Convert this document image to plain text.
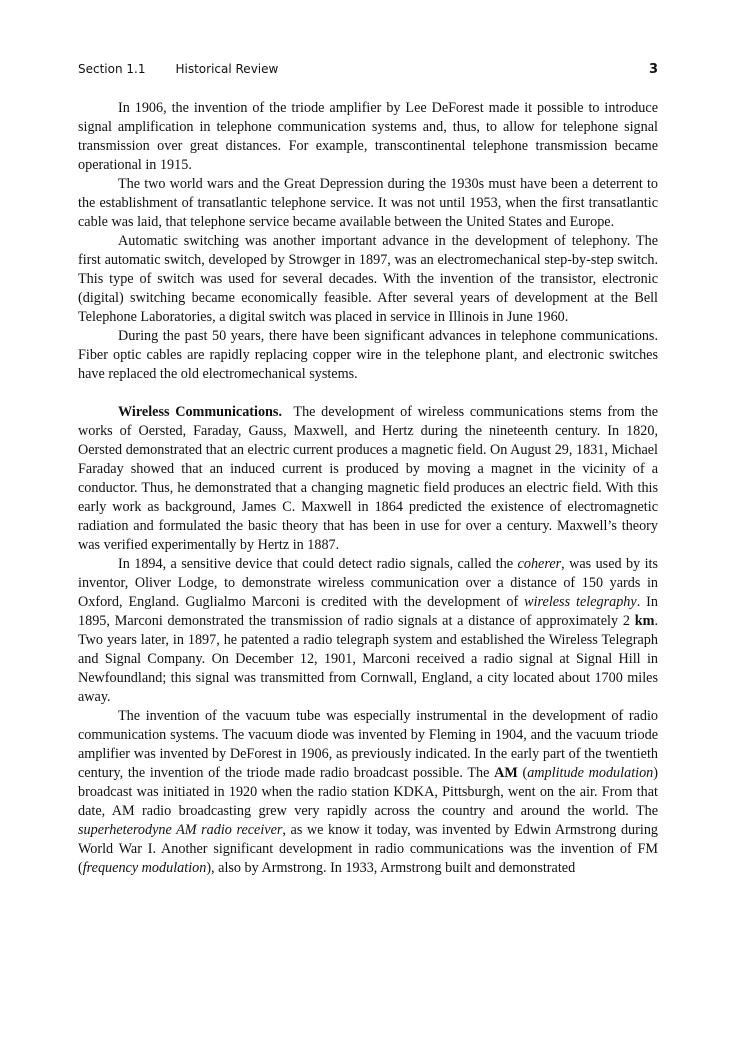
Section 1.1	Historical Review	3

In 1906, the invention of the triode amplifier by Lee DeForest made it possible to introduce signal amplification in telephone communication systems and, thus, to allow for telephone signal transmission over great distances. For example, transcontinental telephone transmission became operational in 1915.

The two world wars and the Great Depression during the 1930s must have been a deterrent to the establishment of transatlantic telephone service. It was not until 1953, when the first transatlantic cable was laid, that telephone service became available between the United States and Europe.

Automatic switching was another important advance in the development of telephony. The first automatic switch, developed by Strowger in 1897, was an electromechanical step-by-step switch. This type of switch was used for several decades. With the invention of the transistor, electronic (digital) switching became economically feasible. After several years of development at the Bell Telephone Laboratories, a digital switch was placed in service in Illinois in June 1960.

During the past 50 years, there have been significant advances in telephone communications. Fiber optic cables are rapidly replacing copper wire in the telephone plant, and electronic switches have replaced the old electromechanical systems.

Wireless Communications. The development of wireless communications stems from the works of Oersted, Faraday, Gauss, Maxwell, and Hertz during the nineteenth century. In 1820, Oersted demonstrated that an electric current produces a magnetic field. On August 29, 1831, Michael Faraday showed that an induced current is produced by moving a magnet in the vicinity of a conductor. Thus, he demonstrated that a changing magnetic field produces an electric field. With this early work as background, James C. Maxwell in 1864 predicted the existence of electromagnetic radiation and formulated the basic theory that has been in use for over a century. Maxwell’s theory was verified experimentally by Hertz in 1887.

In 1894, a sensitive device that could detect radio signals, called the coherer, was used by its inventor, Oliver Lodge, to demonstrate wireless communication over a distance of 150 yards in Oxford, England. Guglialmo Marconi is credited with the development of wireless telegraphy. In 1895, Marconi demonstrated the transmission of radio signals at a distance of approximately 2 km. Two years later, in 1897, he patented a radio telegraph system and established the Wireless Telegraph and Signal Company. On December 12, 1901, Marconi received a radio signal at Signal Hill in Newfoundland; this signal was transmitted from Cornwall, England, a city located about 1700 miles away.

The invention of the vacuum tube was especially instrumental in the development of radio communication systems. The vacuum diode was invented by Fleming in 1904, and the vacuum triode amplifier was invented by DeForest in 1906, as previously indicated. In the early part of the twentieth century, the invention of the triode made radio broadcast possible. The AM (amplitude modulation) broadcast was initiated in 1920 when the radio station KDKA, Pittsburgh, went on the air. From that date, AM radio broadcasting grew very rapidly across the country and around the world. The superheterodyne AM radio receiver, as we know it today, was invented by Edwin Armstrong during World War I. Another significant development in radio communications was the invention of FM (frequency modulation), also by Armstrong. In 1933, Armstrong built and demonstrated
